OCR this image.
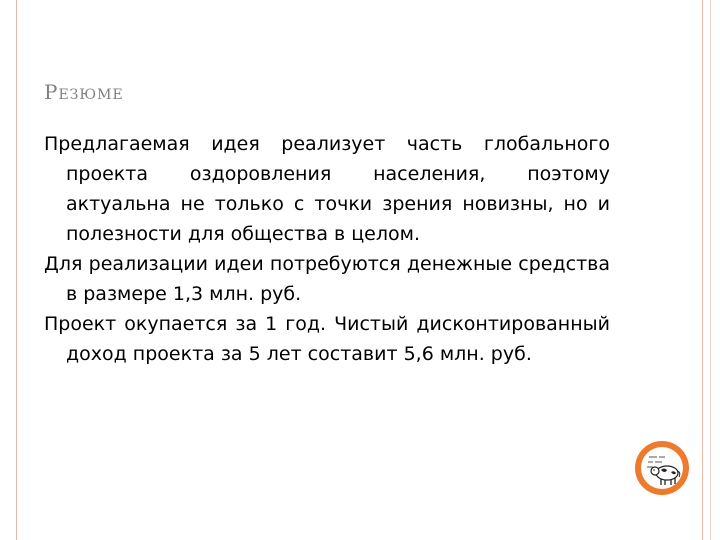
Резюме

Предлагаемая идея реализует часть глобального проекта оздоровления населения, поэтому актуальна не только с точки зрения новизны, но и полезности для общества в целом.

Для реализации идеи потребуются денежные средства в размере 1,3 млн. руб.

Проект окупается за 1 год. Чистый дисконтированный доход проекта за 5 лет составит 5,6 млн. руб.
